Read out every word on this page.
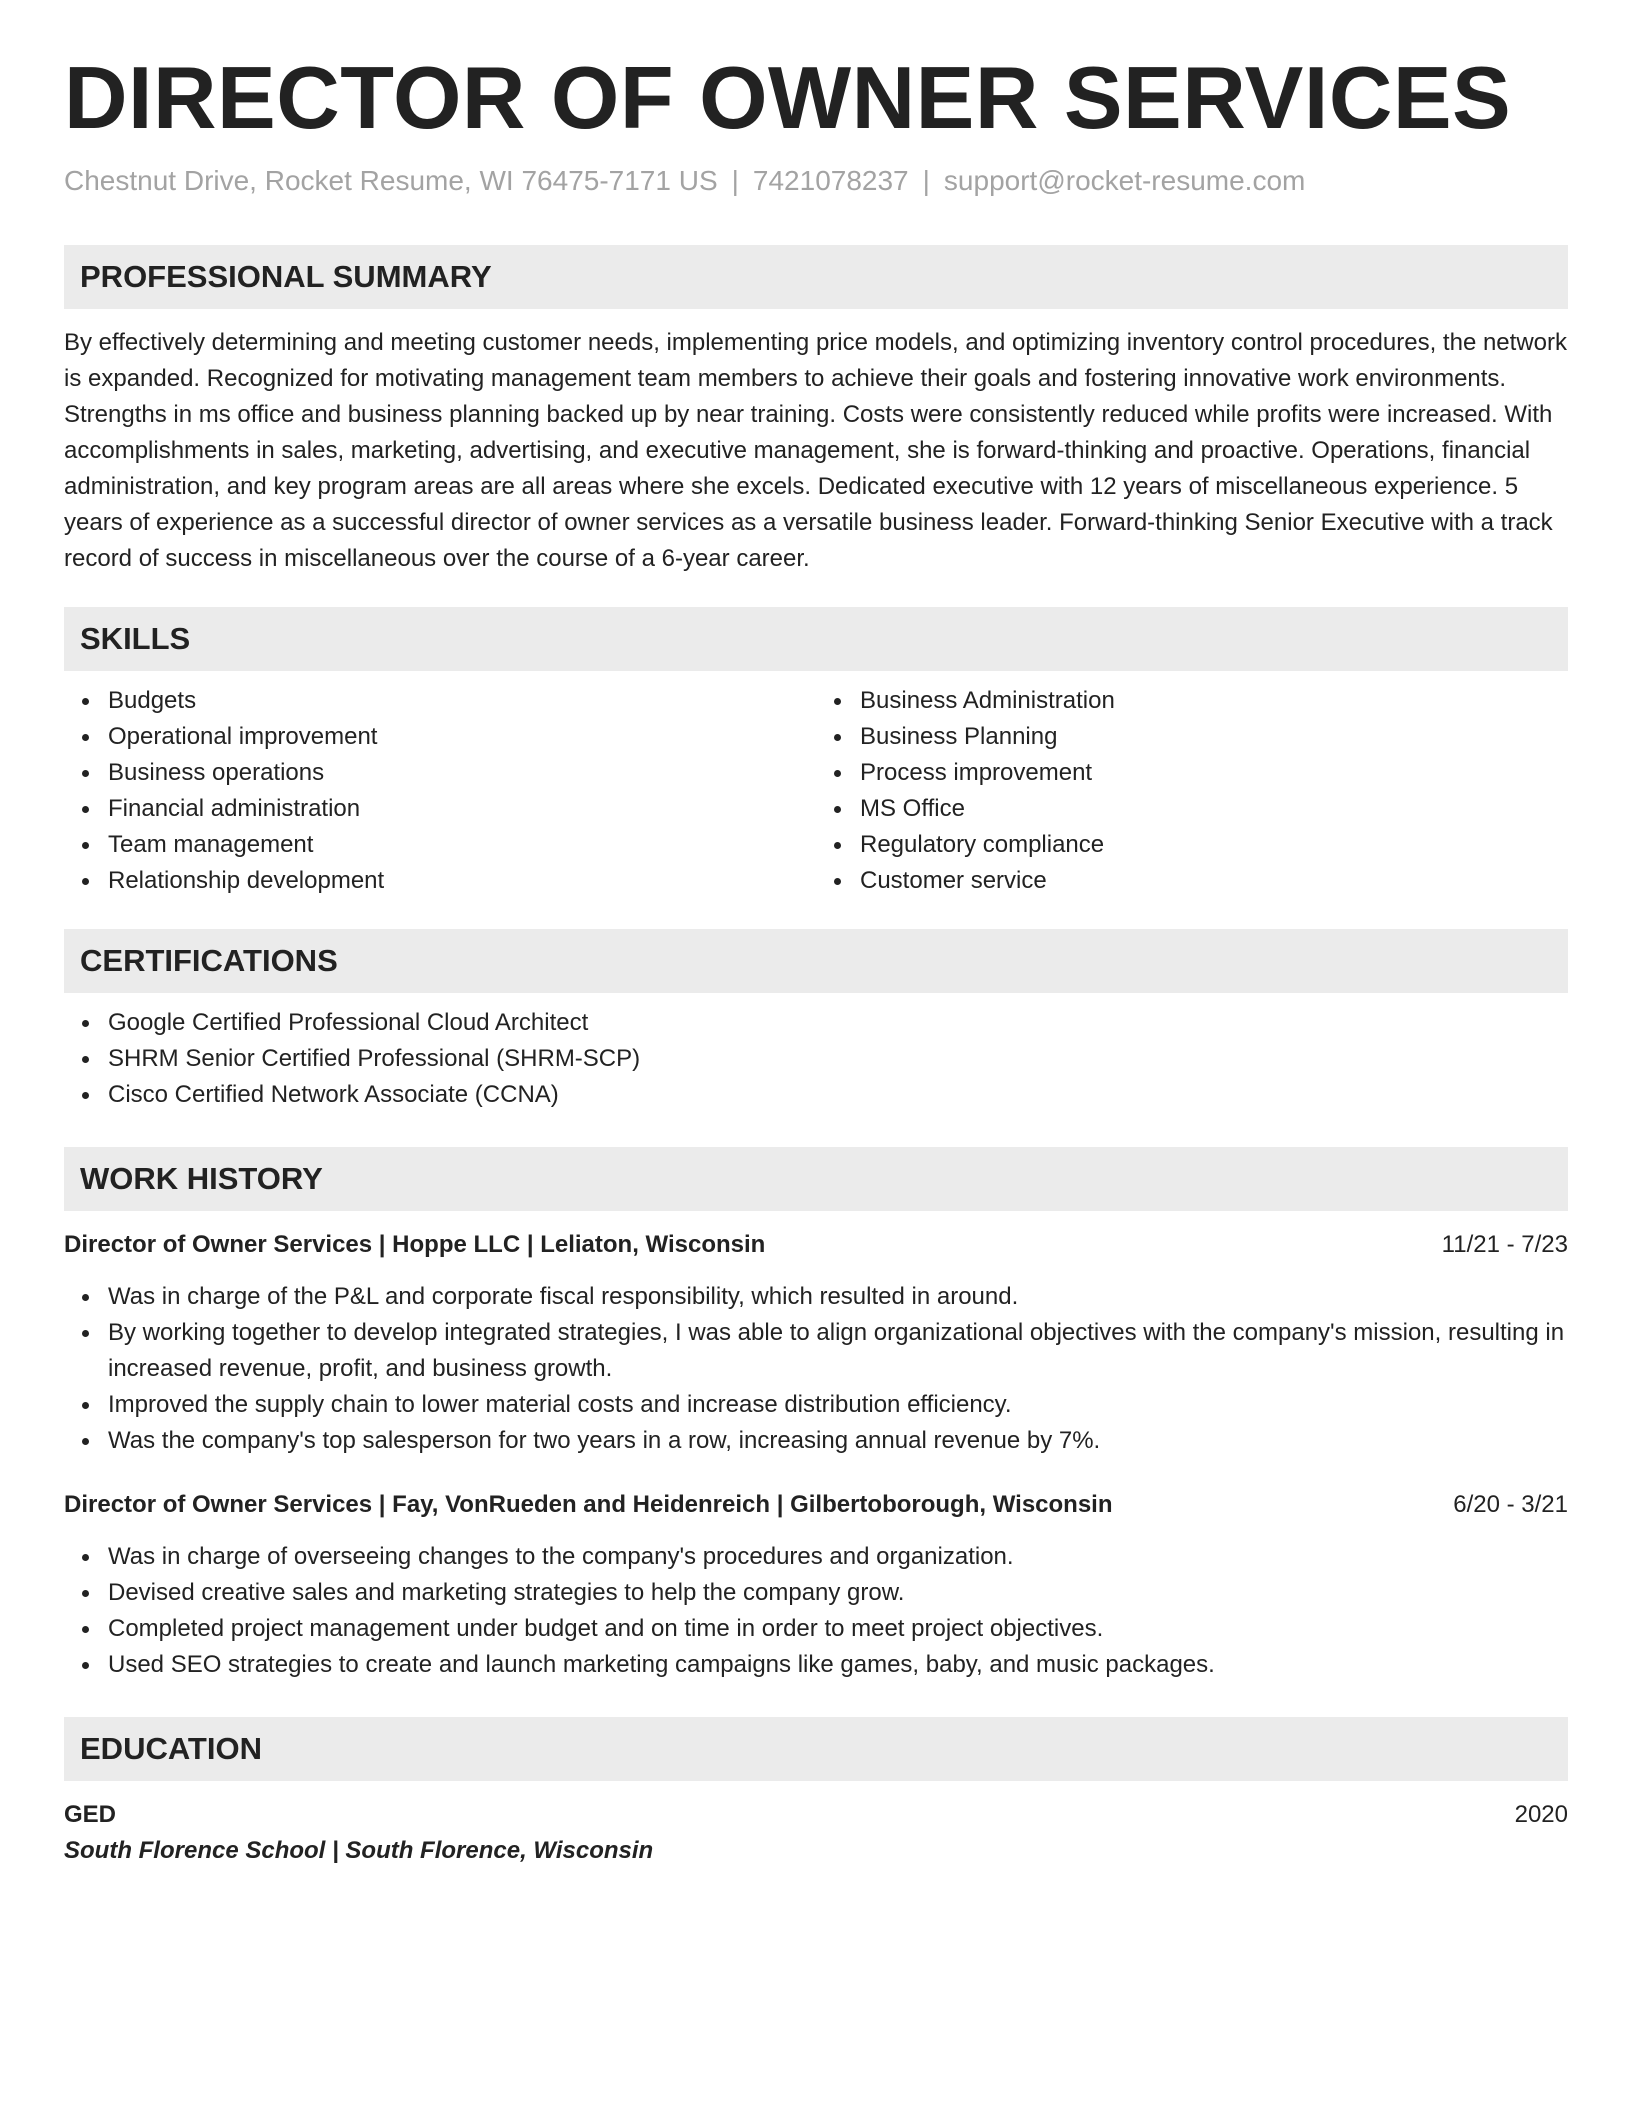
DIRECTOR OF OWNER SERVICES
Chestnut Drive, Rocket Resume, WI 76475-7171 US | 7421078237 | support@rocket-resume.com
PROFESSIONAL SUMMARY

By effectively determining and meeting customer needs, implementing price models, and optimizing inventory control procedures, the network is expanded. Recognized for motivating management team members to achieve their goals and fostering innovative work environments. Strengths in ms office and business planning backed up by near training. Costs were consistently reduced while profits were increased. With accomplishments in sales, marketing, advertising, and executive management, she is forward-thinking and proactive. Operations, financial administration, and key program areas are all areas where she excels. Dedicated executive with 12 years of miscellaneous experience. 5 years of experience as a successful director of owner services as a versatile business leader. Forward-thinking Senior Executive with a track record of success in miscellaneous over the course of a 6-year career.

SKILLS
Budgets
Operational improvement
Business operations
Financial administration
Team management
Relationship development
Business Administration
Business Planning
Process improvement
MS Office
Regulatory compliance
Customer service
CERTIFICATIONS
Google Certified Professional Cloud Architect
SHRM Senior Certified Professional (SHRM-SCP)
Cisco Certified Network Associate (CCNA)
WORK HISTORY
Director of Owner Services | Hoppe LLC | Leliaton, Wisconsin	11/21 - 7/23
Was in charge of the P&L and corporate fiscal responsibility, which resulted in around.
By working together to develop integrated strategies, I was able to align organizational objectives with the company's mission, resulting in increased revenue, profit, and business growth.
Improved the supply chain to lower material costs and increase distribution efficiency.
Was the company's top salesperson for two years in a row, increasing annual revenue by 7%.
Director of Owner Services | Fay, VonRueden and Heidenreich | Gilbertoborough, Wisconsin	6/20 - 3/21
Was in charge of overseeing changes to the company's procedures and organization.
Devised creative sales and marketing strategies to help the company grow.
Completed project management under budget and on time in order to meet project objectives.
Used SEO strategies to create and launch marketing campaigns like games, baby, and music packages.
EDUCATION
GED	2020
South Florence School | South Florence, Wisconsin
